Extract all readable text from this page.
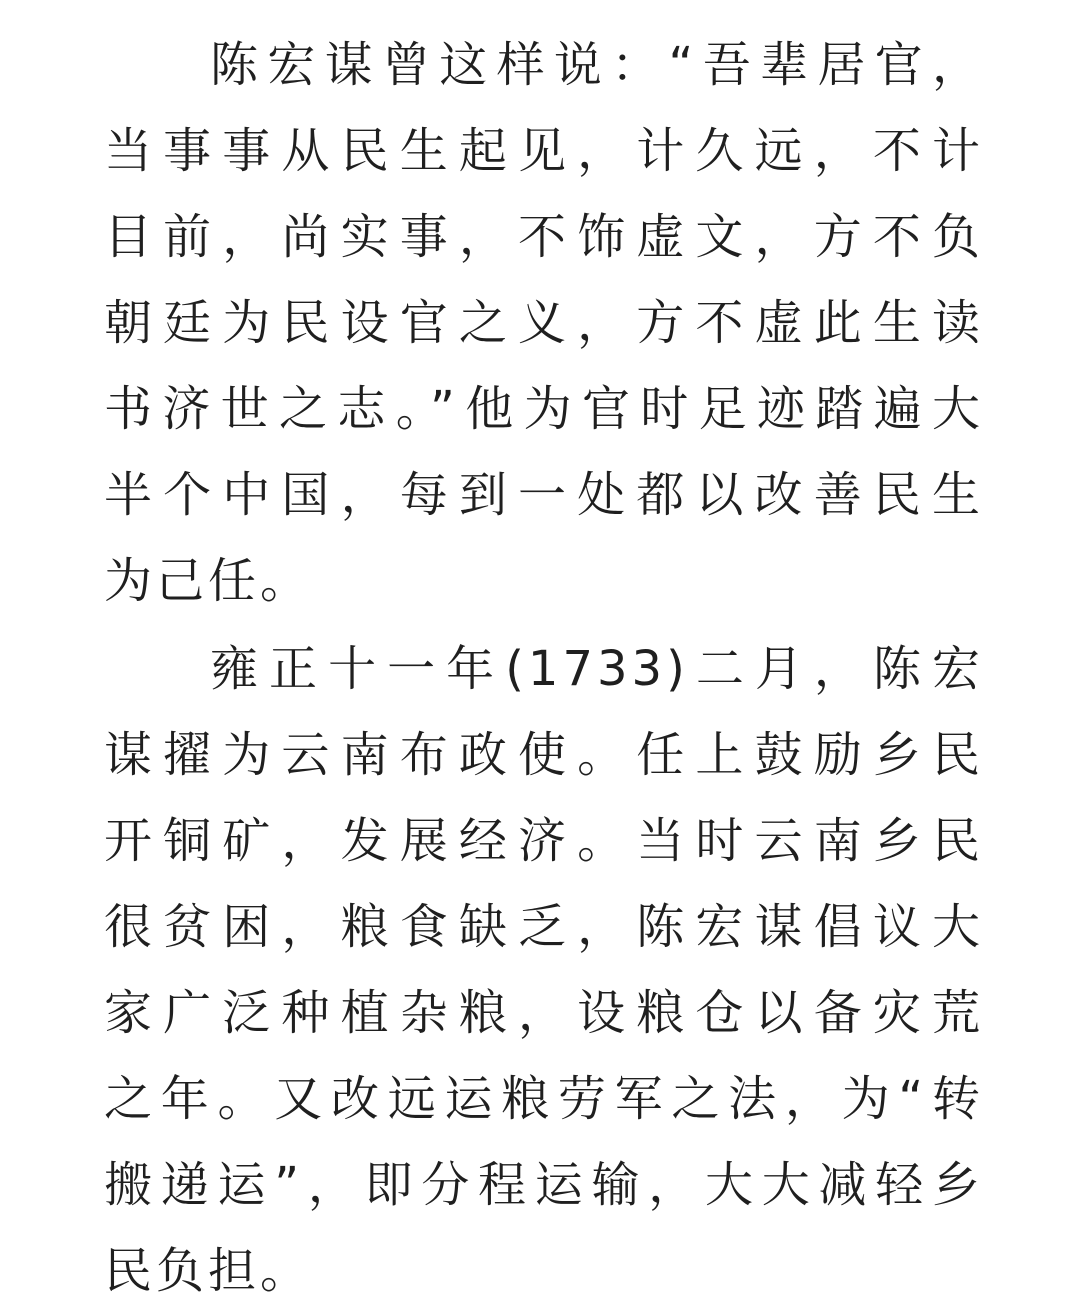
陈宏谋曾这样说：“吾辈居官，
当事事从民生起见，计久远，不计
目前，尚实事，不饰虚文，方不负
朝廷为民设官之义，方不虚此生读
书济世之志。”他为官时足迹踏遍大
半个中国，每到一处都以改善民生
为己任。
雍正十一年(1733)二月，陈宏
谋擢为云南布政使。任上鼓励乡民
开铜矿，发展经济。当时云南乡民
很贫困，粮食缺乏，陈宏谋倡议大
家广泛种植杂粮，设粮仓以备灾荒
之年。又改远运粮劳军之法，为“转
搬递运”，即分程运输，大大减轻乡
民负担。
